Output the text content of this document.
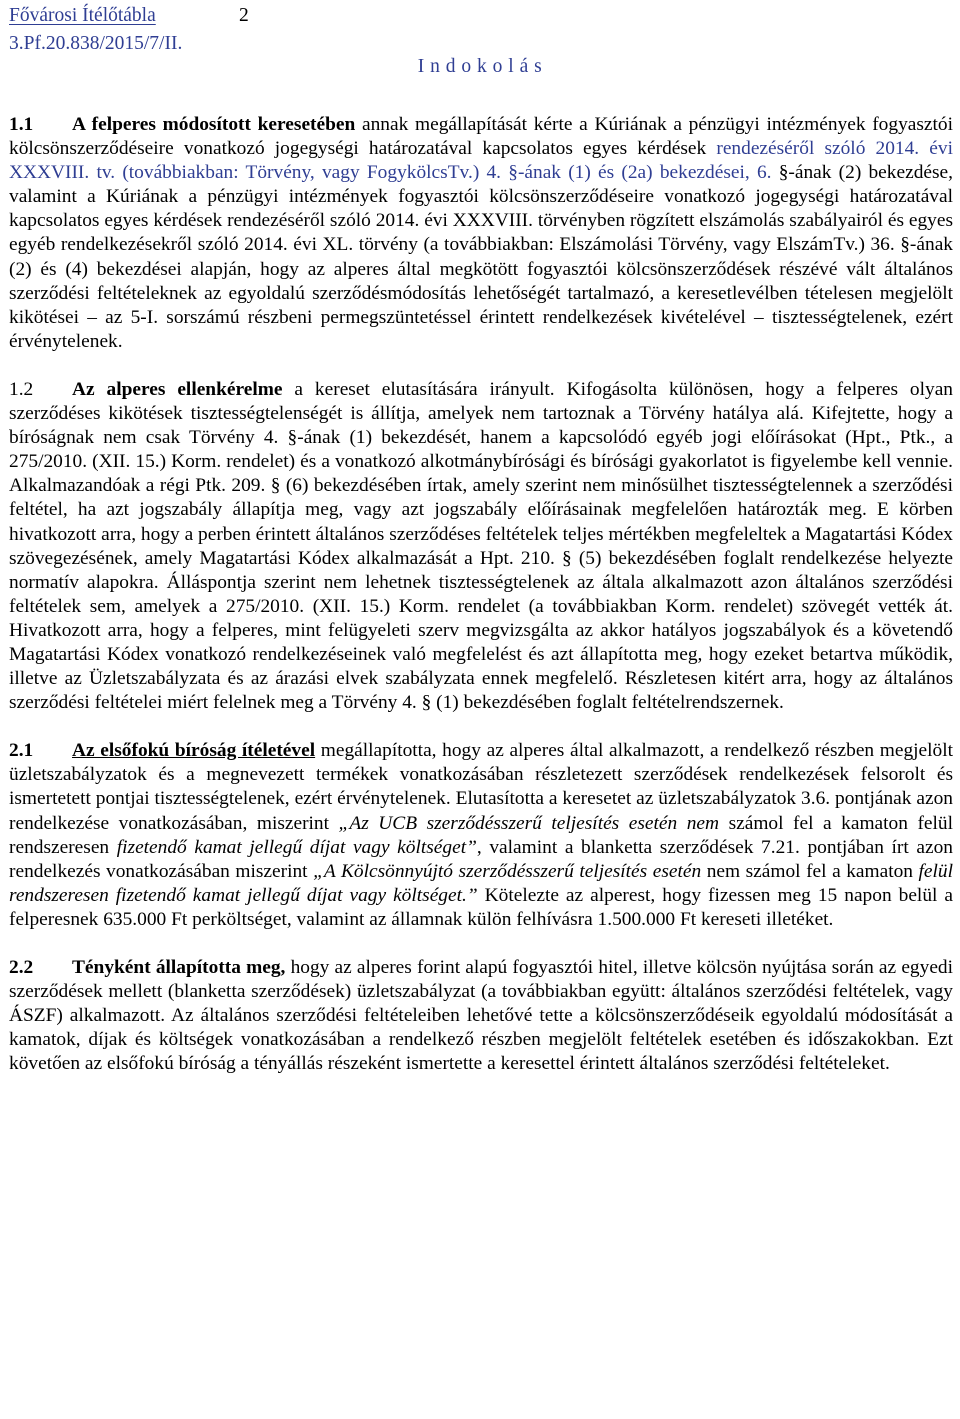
Fővárosi Ítélőtábla	2
3.Pf.20.838/2015/7/II.
I n d o k o l á s

1.1 A felperes módosított keresetében annak megállapítását kérte a Kúriának a pénzügyi intézmények fogyasztói kölcsönszerződéseire vonatkozó jogegységi határozatával kapcsolatos egyes kérdések rendezéséről szóló 2014. évi XXXVIII. tv. (továbbiakban: Törvény, vagy FogykölcsTv.) 4. §-ának (1) és (2a) bekezdései, 6. §-ának (2) bekezdése, valamint a Kúriának a pénzügyi intézmények fogyasztói kölcsönszerződéseire vonatkozó jogegységi határozatával kapcsolatos egyes kérdések rendezéséről szóló 2014. évi XXXVIII. törvényben rögzített elszámolás szabályairól és egyes egyéb rendelkezésekről szóló 2014. évi XL. törvény (a továbbiakban: Elszámolási Törvény, vagy ElszámTv.) 36. §-ának (2) és (4) bekezdései alapján, hogy az alperes által megkötött fogyasztói kölcsönszerződések részévé vált általános szerződési feltételeknek az egyoldalú szerződésmódosítás lehetőségét tartalmazó, a keresetlevélben tételesen megjelölt kikötései – az 5-I. sorszámú részbeni permegszüntetéssel érintett rendelkezések kivételével – tisztességtelenek, ezért érvénytelenek.

1.2 Az alperes ellenkérelme a kereset elutasítására irányult. Kifogásolta különösen, hogy a felperes olyan szerződéses kikötések tisztességtelenségét is állítja, amelyek nem tartoznak a Törvény hatálya alá. Kifejtette, hogy a bíróságnak nem csak Törvény 4. §-ának (1) bekezdését, hanem a kapcsolódó egyéb jogi előírásokat (Hpt., Ptk., a 275/2010. (XII. 15.) Korm. rendelet) és a vonatkozó alkotmánybírósági és bírósági gyakorlatot is figyelembe kell vennie. Alkalmazandóak a régi Ptk. 209. § (6) bekezdésében írtak, amely szerint nem minősülhet tisztességtelennek a szerződési feltétel, ha azt jogszabály állapítja meg, vagy azt jogszabály előírásainak megfelelően határozták meg. E körben hivatkozott arra, hogy a perben érintett általános szerződéses feltételek teljes mértékben megfeleltek a Magatartási Kódex szövegezésének, amely Magatartási Kódex alkalmazását a Hpt. 210. § (5) bekezdésében foglalt rendelkezése helyezte normatív alapokra. Álláspontja szerint nem lehetnek tisztességtelenek az általa alkalmazott azon általános szerződési feltételek sem, amelyek a 275/2010. (XII. 15.) Korm. rendelet (a továbbiakban Korm. rendelet) szövegét vették át. Hivatkozott arra, hogy a felperes, mint felügyeleti szerv megvizsgálta az akkor hatályos jogszabályok és a követendő Magatartási Kódex vonatkozó rendelkezéseinek való megfelelést és azt állapította meg, hogy ezeket betartva működik, illetve az Üzletszabályzata és az árazási elvek szabályzata ennek megfelelő. Részletesen kitért arra, hogy az általános szerződési feltételei miért felelnek meg a Törvény 4. § (1) bekezdésében foglalt feltételrendszernek.

2.1 Az elsőfokú bíróság ítéletével megállapította, hogy az alperes által alkalmazott, a rendelkező részben megjelölt üzletszabályzatok és a megnevezett termékek vonatkozásában részletezett szerződések rendelkezések felsorolt és ismertetett pontjai tisztességtelenek, ezért érvénytelenek. Elutasította a keresetet az üzletszabályzatok 3.6. pontjának azon rendelkezése vonatkozásában, miszerint „Az UCB szerződésszerű teljesítés esetén nem számol fel a kamaton felül rendszeresen fizetendő kamat jellegű díjat vagy költséget”, valamint a blanketta szerződések 7.21. pontjában írt azon rendelkezés vonatkozásában miszerint „A Kölcsönnyújtó szerződésszerű teljesítés esetén nem számol fel a kamaton felül rendszeresen fizetendő kamat jellegű díjat vagy költséget.” Kötelezte az alperest, hogy fizessen meg 15 napon belül a felperesnek 635.000 Ft perköltséget, valamint az államnak külön felhívásra 1.500.000 Ft kereseti illetéket.

2.2 Tényként állapította meg, hogy az alperes forint alapú fogyasztói hitel, illetve kölcsön nyújtása során az egyedi szerződések mellett (blanketta szerződések) üzletszabályzat (a továbbiakban együtt: általános szerződési feltételek, vagy ÁSZF) alkalmazott. Az általános szerződési feltételeiben lehetővé tette a kölcsönszerződéseik egyoldalú módosítását a kamatok, díjak és költségek vonatkozásában a rendelkező részben megjelölt feltételek esetében és időszakokban. Ezt követően az elsőfokú bíróság a tényállás részeként ismertette a keresettel érintett általános szerződési feltételeket.
